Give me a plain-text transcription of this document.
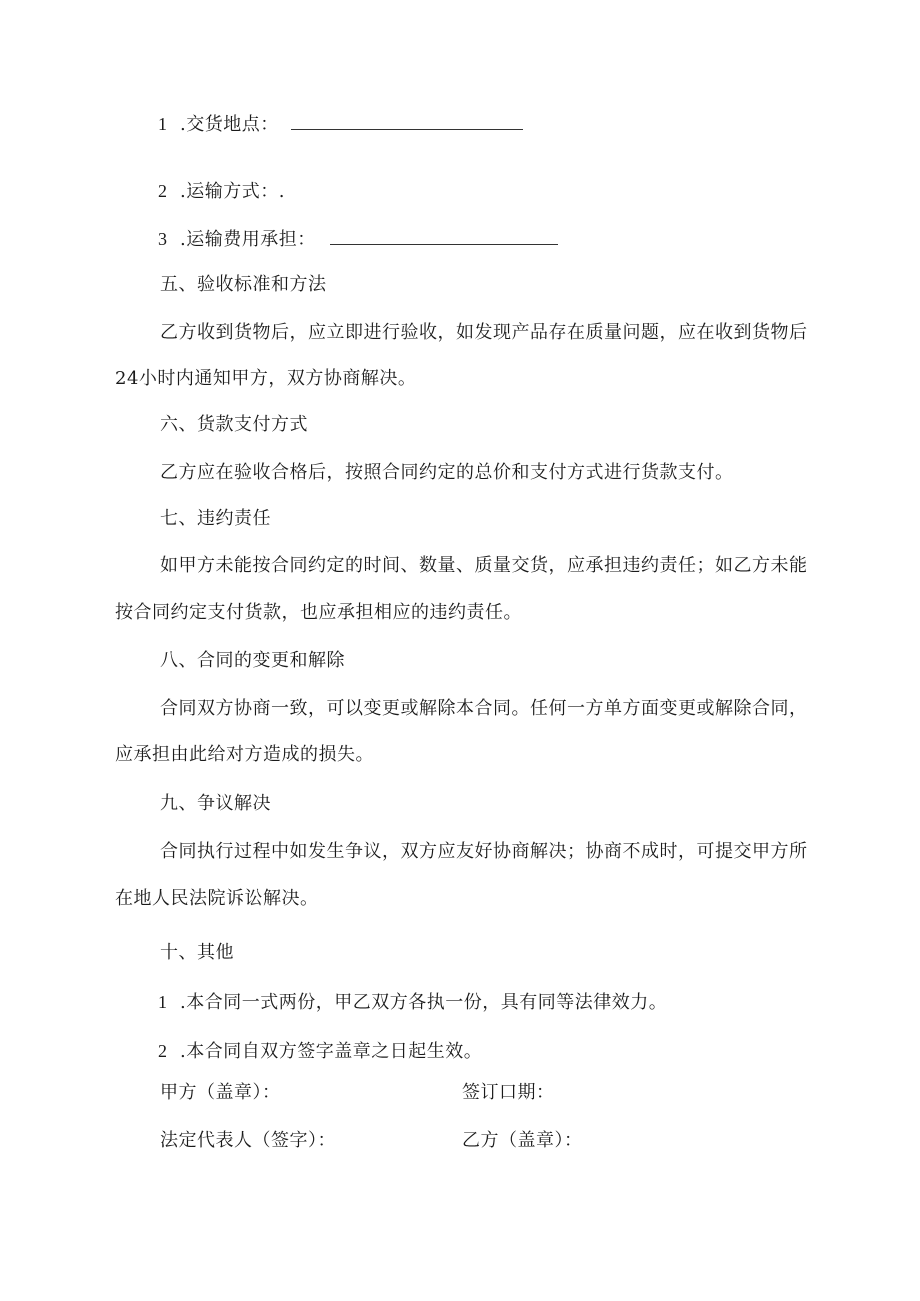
1 .交货地点：
2 .运输方式：.
3 .运输费用承担：
五、验收标准和方法
乙方收到货物后，应立即进行验收，如发现产品存在质量问题，应在收到货物后
24小时内通知甲方，双方协商解决。
六、货款支付方式
乙方应在验收合格后，按照合同约定的总价和支付方式进行货款支付。
七、违约责任
如甲方未能按合同约定的时间、数量、质量交货，应承担违约责任；如乙方未能
按合同约定支付货款，也应承担相应的违约责任。
八、合同的变更和解除
合同双方协商一致，可以变更或解除本合同。任何一方单方面变更或解除合同，
应承担由此给对方造成的损失。
九、争议解决
合同执行过程中如发生争议，双方应友好协商解决；协商不成时，可提交甲方所
在地人民法院诉讼解决。
十、其他
1 .本合同一式两份，甲乙双方各执一份，具有同等法律效力。
2 .本合同自双方签字盖章之日起生效。
甲方（盖章）：	签订口期：
法定代表人（签字）：	乙方（盖章）：
